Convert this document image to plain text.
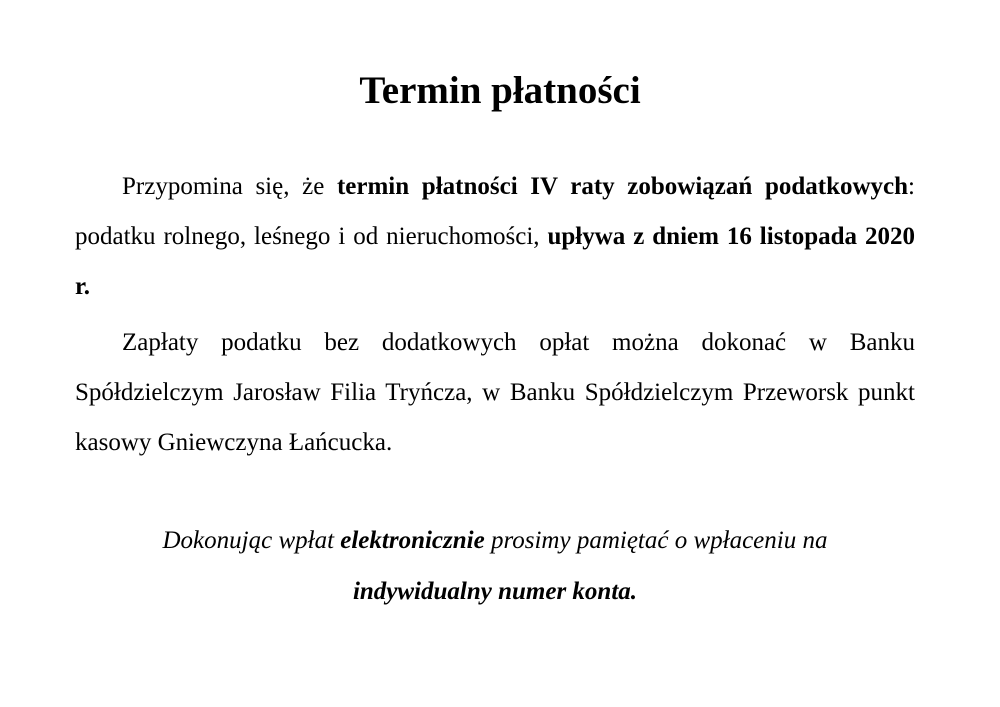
Termin płatności

Przypomina się, że termin płatności IV raty zobowiązań podatkowych: podatku rolnego, leśnego i od nieruchomości, upływa z dniem 16 listopada 2020 r.

Zapłaty podatku bez dodatkowych opłat można dokonać w Banku Spółdzielczym Jarosław Filia Tryńcza, w Banku Spółdzielczym Przeworsk punkt kasowy Gniewczyna Łańcucka.

Dokonując wpłat elektronicznie prosimy pamiętać o wpłaceniu na
indywidualny numer konta.
